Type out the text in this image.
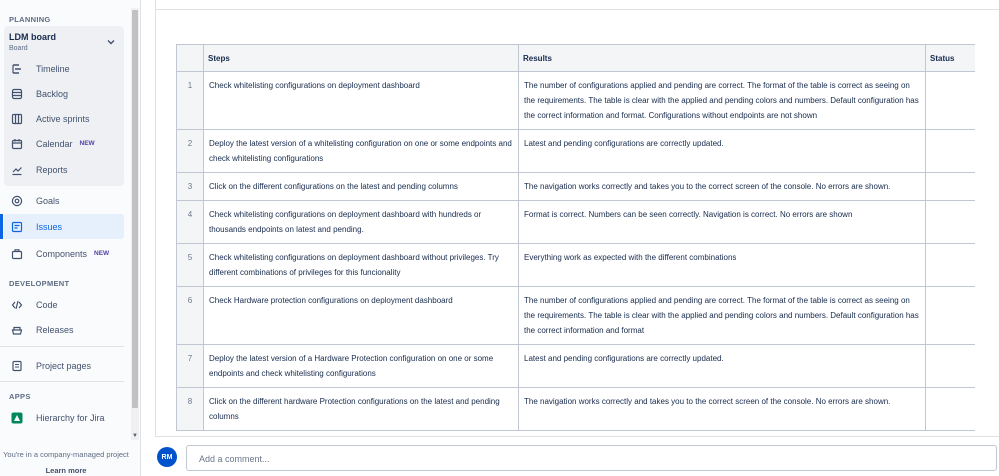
PLANNING
LDM board
Board
Timeline
Backlog
Active sprints
Calendar NEW
Reports
Goals
Issues
Components NEW
DEVELOPMENT
Code
Releases
Project pages
APPS
Hierarchy for Jira
▼
You're in a company-managed project
Learn more
	Steps	Results	Status
1	Check whitelisting configurations on deployment dashboard	The number of configurations applied and pending are correct. The format of the table is correct as seeing on the requirements. The table is clear with the applied and pending colors and numbers. Default configuration has the correct information and format. Configurations without endpoints are not shown	
2	Deploy the latest version of a whitelisting configuration on one or some endpoints and check whitelisting configurations	Latest and pending configurations are correctly updated.	
3	Click on the different configurations on the latest and pending columns	The navigation works correctly and takes you to the correct screen of the console. No errors are shown.	
4	Check whitelisting configurations on deployment dashboard with hundreds or thousands endpoints on latest and pending.	Format is correct. Numbers can be seen correctly. Navigation is correct. No errors are shown	
5	Check whitelisting configurations on deployment dashboard without privileges. Try different combinations of privileges for this funcionality	Everything work as expected with the different combinations	
6	Check Hardware protection configurations on deployment dashboard	The number of configurations applied and pending are correct. The format of the table is correct as seeing on the requirements. The table is clear with the applied and pending colors and numbers. Default configuration has the correct information and format	
7	Deploy the latest version of a Hardware Protection configuration on one or some endpoints and check whitelisting configurations	Latest and pending configurations are correctly updated.	
8	Click on the different hardware Protection configurations on the latest and pending columns	The navigation works correctly and takes you to the correct screen of the console. No errors are shown.	
RM	Add a comment...
